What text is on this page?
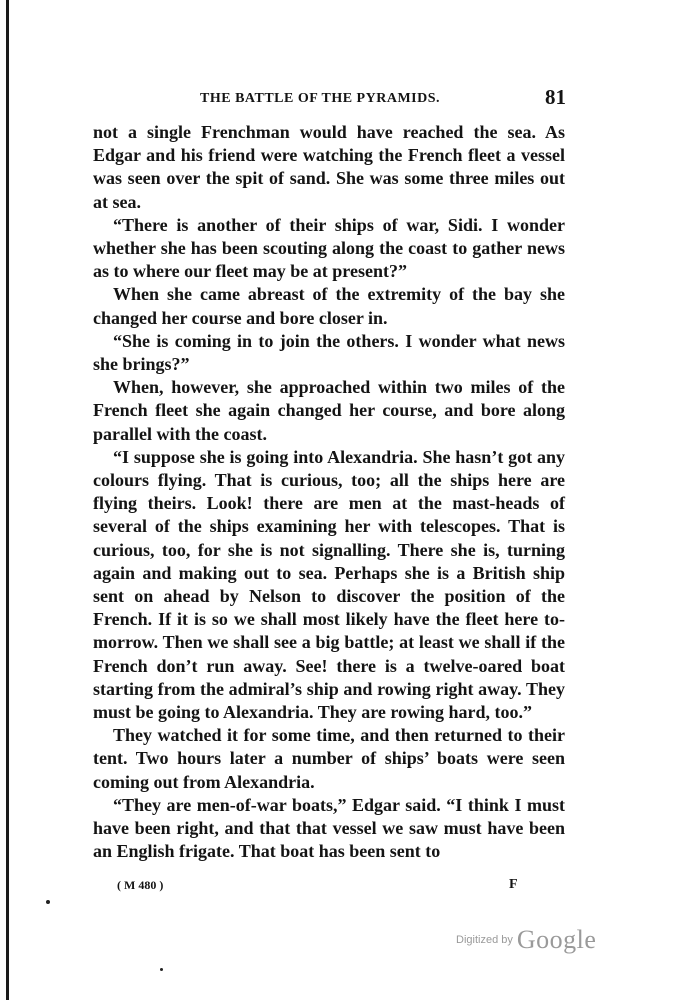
THE BATTLE OF THE PYRAMIDS.	81

not a single Frenchman would have reached the sea. As Edgar and his friend were watching the French fleet a vessel was seen over the spit of sand. She was some three miles out at sea.

“There is another of their ships of war, Sidi. I wonder whether she has been scouting along the coast to gather news as to where our fleet may be at present?”

When she came abreast of the extremity of the bay she changed her course and bore closer in.

“She is coming in to join the others. I wonder what news she brings?”

When, however, she approached within two miles of the French fleet she again changed her course, and bore along parallel with the coast.

“I suppose she is going into Alexandria. She hasn’t got any colours flying. That is curious, too; all the ships here are flying theirs. Look! there are men at the mast-heads of several of the ships examining her with telescopes. That is curious, too, for she is not signalling. There she is, turning again and making out to sea. Perhaps she is a British ship sent on ahead by Nelson to discover the position of the French. If it is so we shall most likely have the fleet here to-morrow. Then we shall see a big battle; at least we shall if the French don’t run away. See! there is a twelve-oared boat starting from the admiral’s ship and rowing right away. They must be going to Alexandria. They are rowing hard, too.”

They watched it for some time, and then returned to their tent. Two hours later a number of ships’ boats were seen coming out from Alexandria.

“They are men-of-war boats,” Edgar said. “I think I must have been right, and that that vessel we saw must have been an English frigate. That boat has been sent to

( M 480 )	F
$^{Digitized by}$ Google
